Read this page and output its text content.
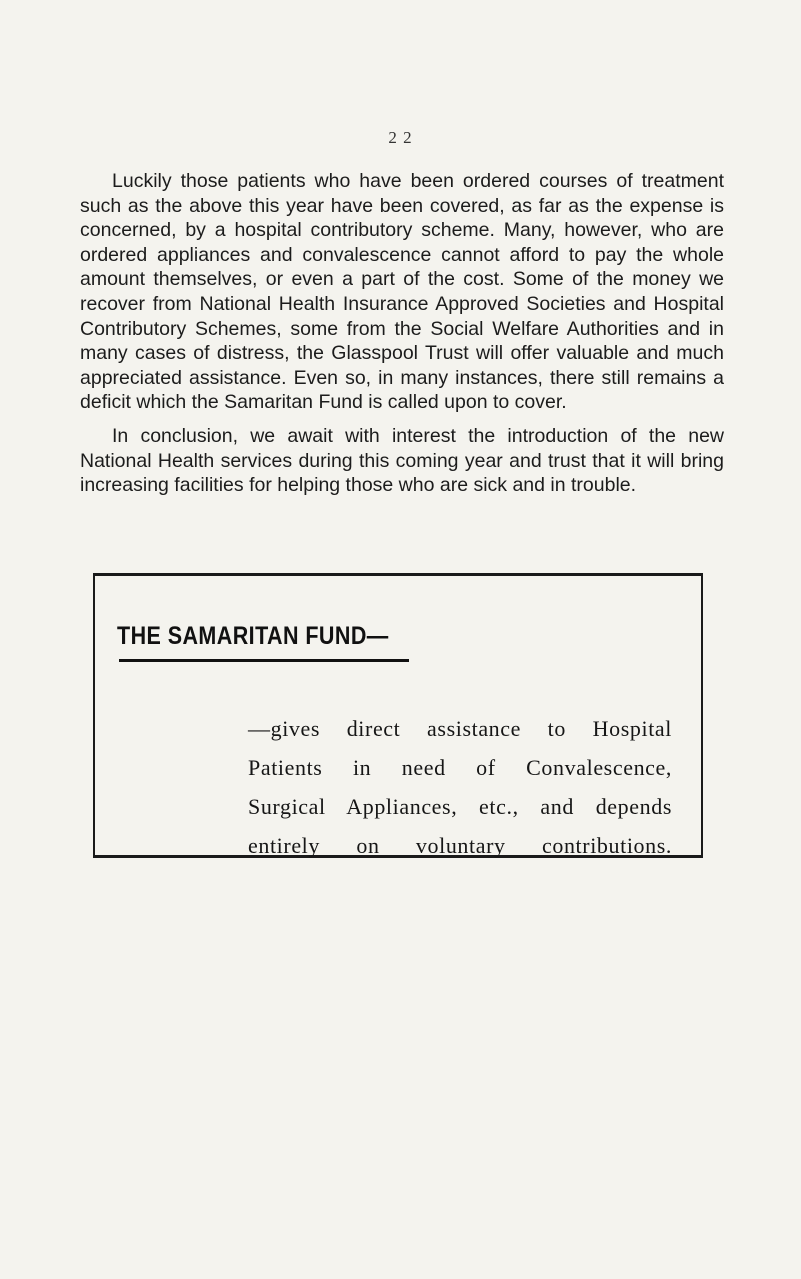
2 2

Luckily those patients who have been ordered courses of treatment such as the above this year have been covered, as far as the expense is concerned, by a hospital contributory scheme. Many, however, who are ordered appliances and convalescence cannot afford to pay the whole amount themselves, or even a part of the cost. Some of the money we recover from National Health Insurance Approved Societies and Hospital Contributory Schemes, some from the Social Welfare Authorities and in many cases of distress, the Glasspool Trust will offer valuable and much appreciated assistance. Even so, in many instances, there still remains a deficit which the Samaritan Fund is called upon to cover.

In conclusion, we await with interest the introduction of the new National Health services during this coming year and trust that it will bring increasing facilities for helping those who are sick and in trouble.

THE SAMARITAN FUND—
—gives direct assistance to Hospital
Patients in need of Convalescence,
Surgical Appliances, etc., and depends
entirely on voluntary contributions.
